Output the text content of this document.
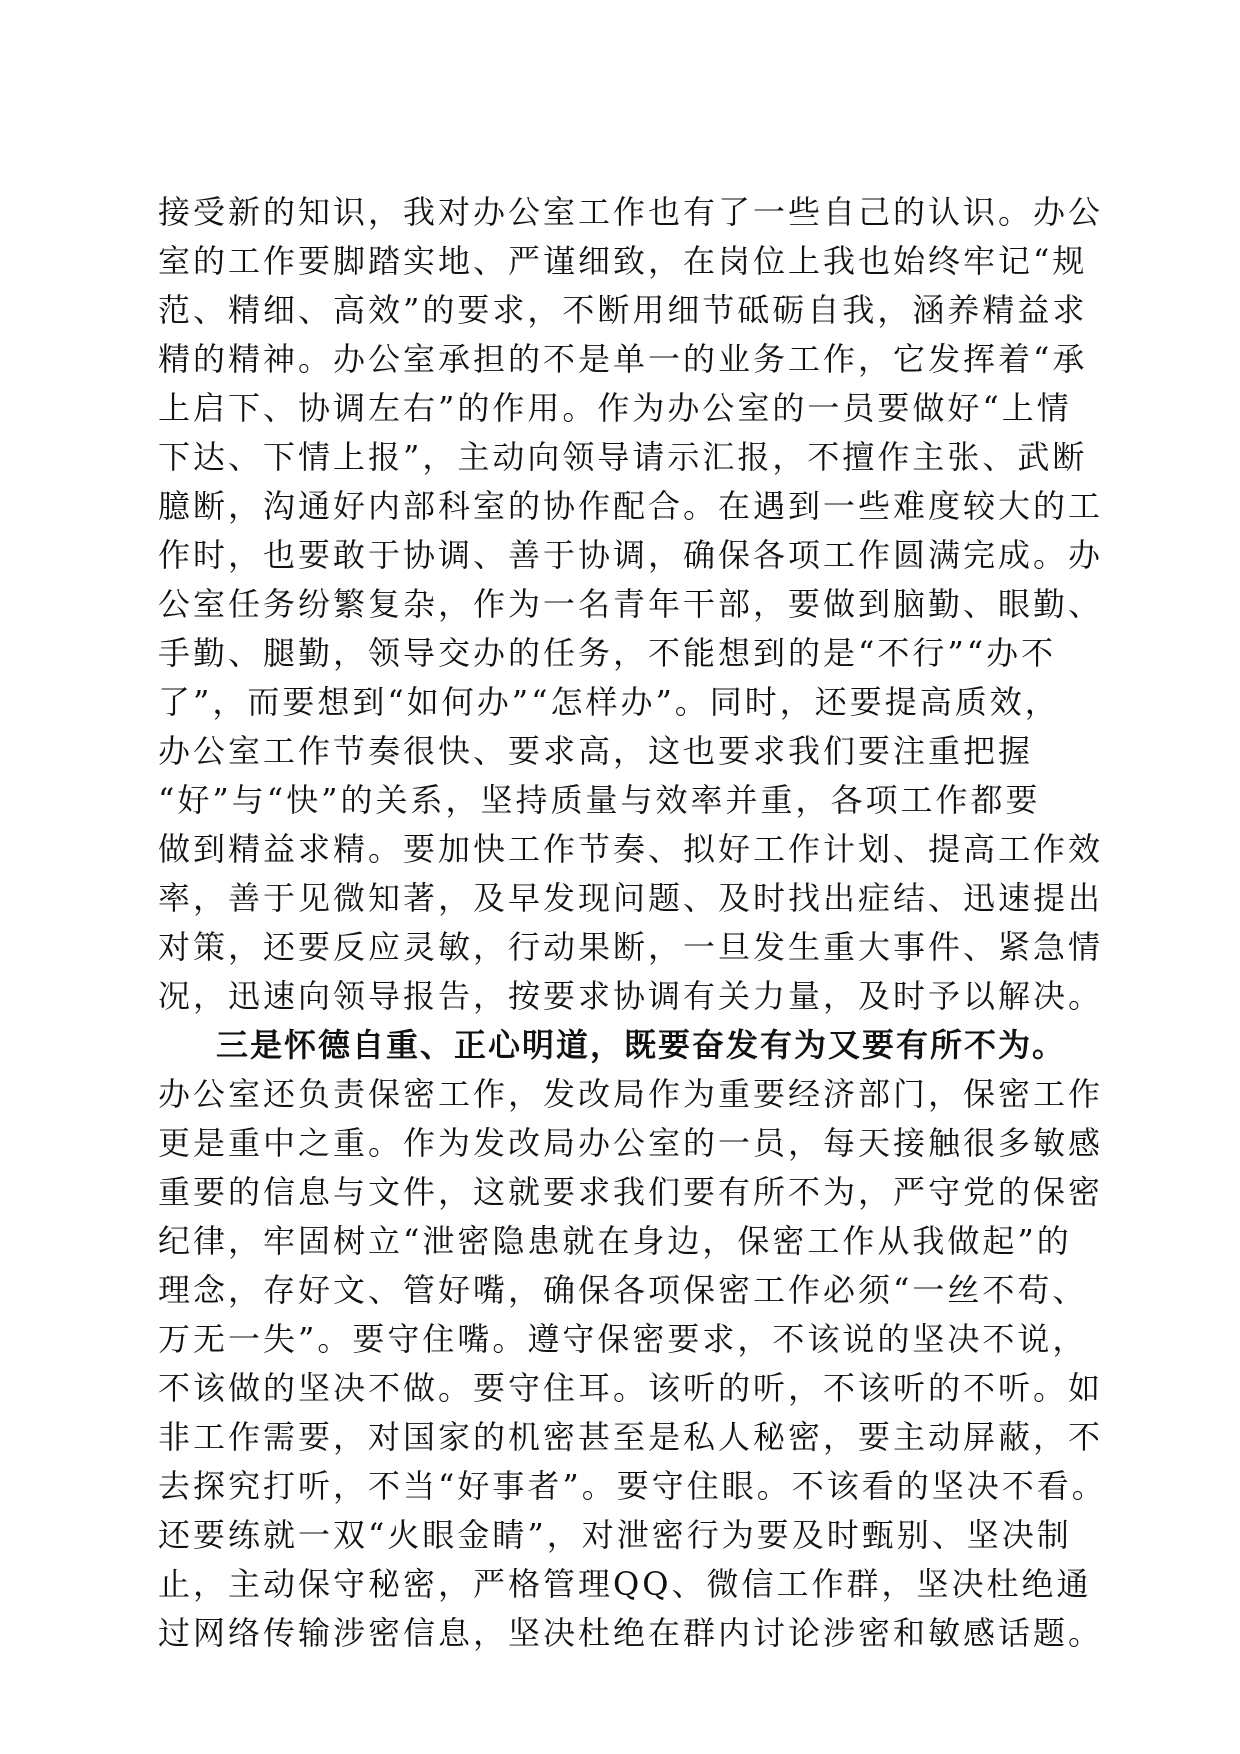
接受新的知识，我对办公室工作也有了一些自己的认识。办公
室的工作要脚踏实地、严谨细致，在岗位上我也始终牢记“规
范、精细、高效”的要求，不断用细节砥砺自我，涵养精益求
精的精神。办公室承担的不是单一的业务工作，它发挥着“承
上启下、协调左右”的作用。作为办公室的一员要做好“上情
下达、下情上报”，主动向领导请示汇报，不擅作主张、武断
臆断，沟通好内部科室的协作配合。在遇到一些难度较大的工
作时，也要敢于协调、善于协调，确保各项工作圆满完成。办
公室任务纷繁复杂，作为一名青年干部，要做到脑勤、眼勤、
手勤、腿勤，领导交办的任务，不能想到的是“不行”“办不
了”，而要想到“如何办”“怎样办”。同时，还要提高质效，
办公室工作节奏很快、要求高，这也要求我们要注重把握
“好”与“快”的关系，坚持质量与效率并重，各项工作都要
做到精益求精。要加快工作节奏、拟好工作计划、提高工作效
率，善于见微知著，及早发现问题、及时找出症结、迅速提出
对策，还要反应灵敏，行动果断，一旦发生重大事件、紧急情
况，迅速向领导报告，按要求协调有关力量，及时予以解决。
三是怀德自重、正心明道，既要奋发有为又要有所不为。
办公室还负责保密工作，发改局作为重要经济部门，保密工作
更是重中之重。作为发改局办公室的一员，每天接触很多敏感
重要的信息与文件，这就要求我们要有所不为，严守党的保密
纪律，牢固树立“泄密隐患就在身边，保密工作从我做起”的
理念，存好文、管好嘴，确保各项保密工作必须“一丝不苟、
万无一失”。要守住嘴。遵守保密要求，不该说的坚决不说，
不该做的坚决不做。要守住耳。该听的听，不该听的不听。如
非工作需要，对国家的机密甚至是私人秘密，要主动屏蔽，不
去探究打听，不当“好事者”。要守住眼。不该看的坚决不看。
还要练就一双“火眼金睛”，对泄密行为要及时甄别、坚决制
止，主动保守秘密，严格管理QQ、微信工作群，坚决杜绝通
过网络传输涉密信息，坚决杜绝在群内讨论涉密和敏感话题。
